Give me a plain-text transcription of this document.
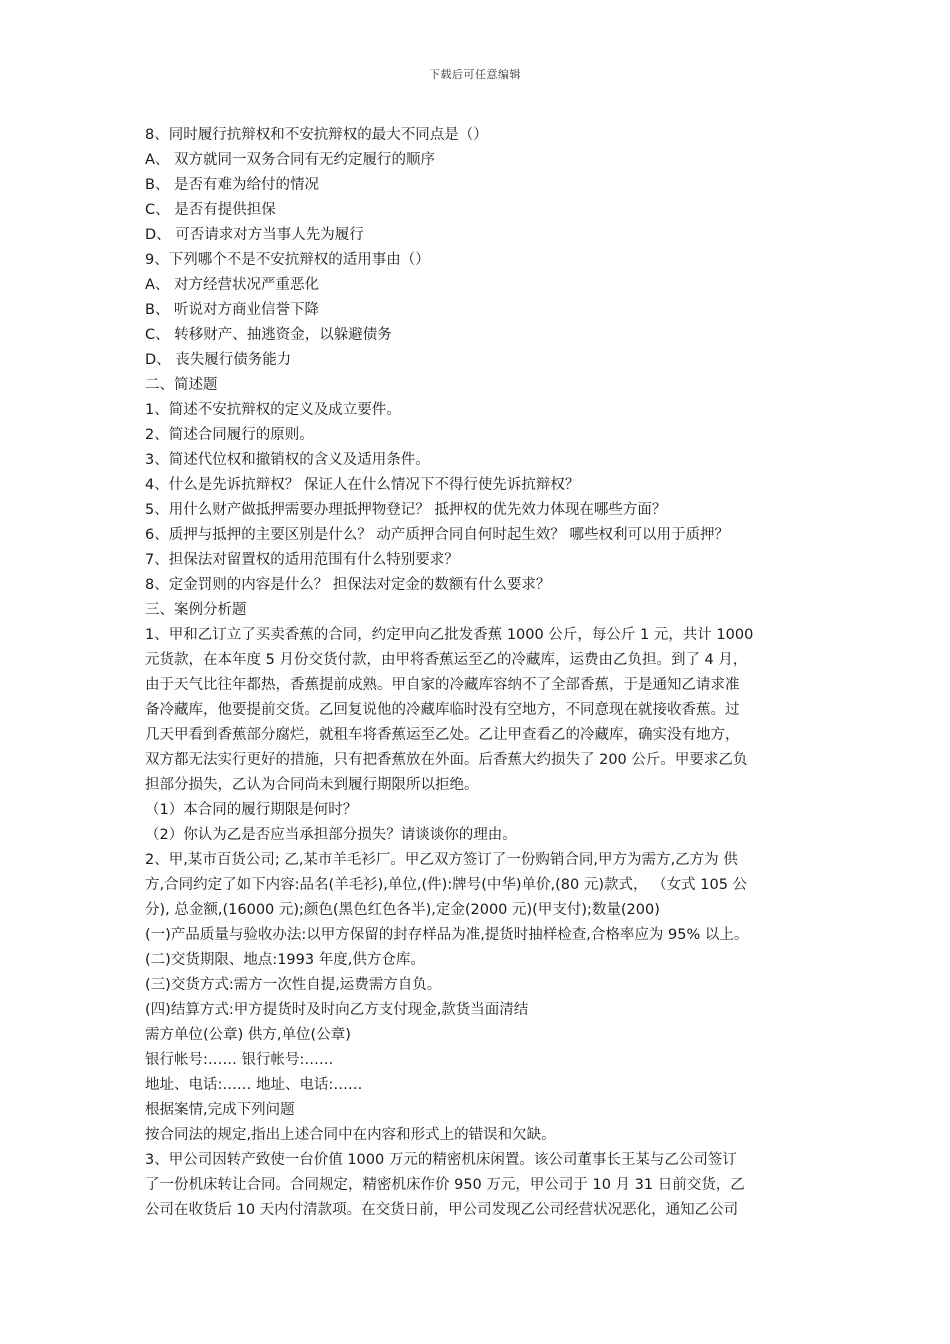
下载后可任意编辑
8、同时履行抗辩权和不安抗辩权的最大不同点是（）
A、 双方就同一双务合同有无约定履行的顺序
B、 是否有难为给付的情况
C、 是否有提供担保
D、 可否请求对方当事人先为履行
9、下列哪个不是不安抗辩权的适用事由（）
A、 对方经营状况严重恶化
B、 听说对方商业信誉下降
C、 转移财产、抽逃资金，以躲避债务
D、 丧失履行债务能力
二、简述题
1、简述不安抗辩权的定义及成立要件。
2、简述合同履行的原则。
3、简述代位权和撤销权的含义及适用条件。
4、什么是先诉抗辩权？ 保证人在什么情况下不得行使先诉抗辩权？
5、用什么财产做抵押需要办理抵押物登记？ 抵押权的优先效力体现在哪些方面？
6、质押与抵押的主要区别是什么？ 动产质押合同自何时起生效？ 哪些权利可以用于质押？
7、担保法对留置权的适用范围有什么特别要求？
8、定金罚则的内容是什么？ 担保法对定金的数额有什么要求？
三、案例分析题
1、甲和乙订立了买卖香蕉的合同，约定甲向乙批发香蕉 1000 公斤，每公斤 1 元，共计 1000
元货款，在本年度 5 月份交货付款，由甲将香蕉运至乙的冷藏库，运费由乙负担。到了 4 月，
由于天气比往年都热，香蕉提前成熟。甲自家的冷藏库容纳不了全部香蕉，于是通知乙请求准
备冷藏库，他要提前交货。乙回复说他的冷藏库临时没有空地方，不同意现在就接收香蕉。过
几天甲看到香蕉部分腐烂，就租车将香蕉运至乙处。乙让甲查看乙的冷藏库，确实没有地方，
双方都无法实行更好的措施，只有把香蕉放在外面。后香蕉大约损失了 200 公斤。甲要求乙负
担部分损失，乙认为合同尚未到履行期限所以拒绝。
（1）本合同的履行期限是何时？
（2）你认为乙是否应当承担部分损失？请谈谈你的理由。
2、甲,某市百货公司; 乙,某市羊毛衫厂。甲乙双方签订了一份购销合同,甲方为需方,乙方为 供
方,合同约定了如下内容:品名(羊毛衫),单位,(件):牌号(中华)单价,(80 元)款式， （女式 105 公
分), 总金额,(16000 元);颜色(黑色红色各半),定金(2000 元)(甲支付);数量(200)
(一)产品质量与验收办法:以甲方保留的封存样品为准,提货时抽样检查,合格率应为 95% 以上。
(二)交货期限、地点:1993 年度,供方仓库。
(三)交货方式:需方一次性自提,运费需方自负。
(四)结算方式:甲方提货时及时向乙方支付现金,款货当面清结
需方单位(公章) 供方,单位(公章)
银行帐号:…… 银行帐号:……
地址、电话:…… 地址、电话:……
根据案情,完成下列问题
按合同法的规定,指出上述合同中在内容和形式上的错误和欠缺。
3、甲公司因转产致使一台价值 1000 万元的精密机床闲置。该公司董事长王某与乙公司签订
了一份机床转让合同。合同规定，精密机床作价 950 万元，甲公司于 10 月 31 日前交货，乙
公司在收货后 10 天内付清款项。在交货日前，甲公司发现乙公司经营状况恶化，通知乙公司
